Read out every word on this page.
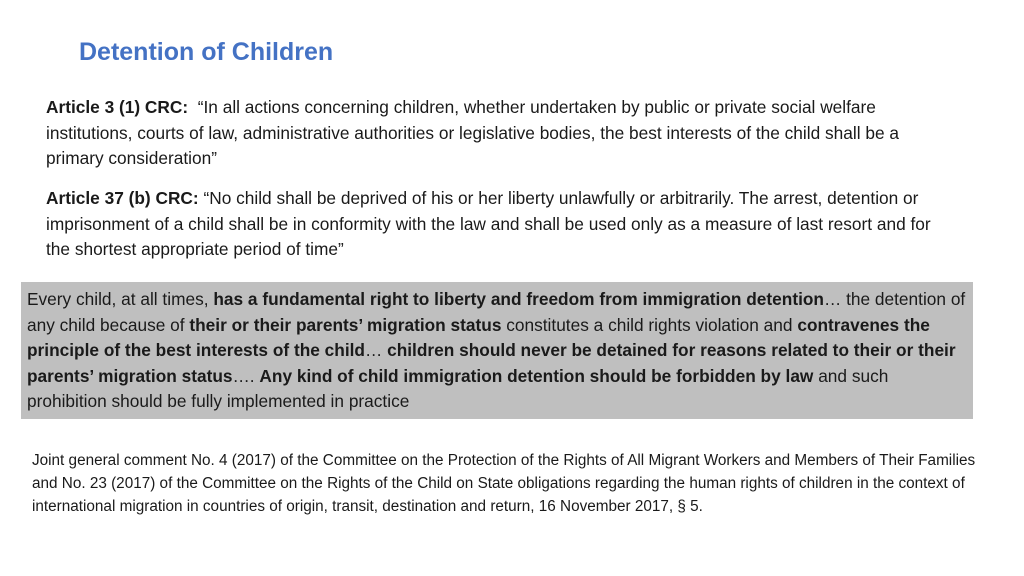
Detention of Children
Article 3 (1) CRC: “In all actions concerning children, whether undertaken by public or private social welfare institutions, courts of law, administrative authorities or legislative bodies, the best interests of the child shall be a primary consideration”
Article 37 (b) CRC: “No child shall be deprived of his or her liberty unlawfully or arbitrarily. The arrest, detention or imprisonment of a child shall be in conformity with the law and shall be used only as a measure of last resort and for the shortest appropriate period of time”
Every child, at all times, has a fundamental right to liberty and freedom from immigration detention… the detention of any child because of their or their parents’ migration status constitutes a child rights violation and contravenes the principle of the best interests of the child… children should never be detained for reasons related to their or their parents’ migration status…. Any kind of child immigration detention should be forbidden by law and such prohibition should be fully implemented in practice
Joint general comment No. 4 (2017) of the Committee on the Protection of the Rights of All Migrant Workers and Members of Their Families and No. 23 (2017) of the Committee on the Rights of the Child on State obligations regarding the human rights of children in the context of international migration in countries of origin, transit, destination and return, 16 November 2017, § 5.
